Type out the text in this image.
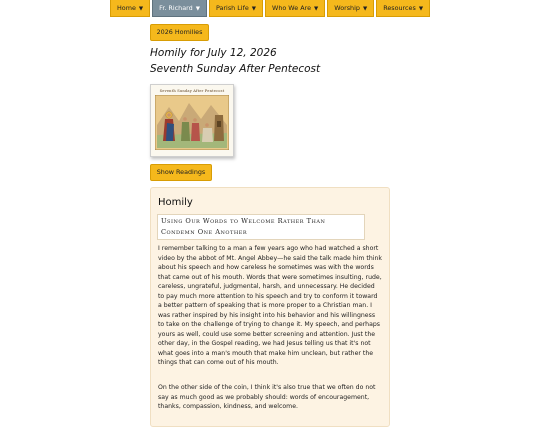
Home ▼	Fr. Richard ▼	Parish Life ▼	Who We Are ▼	Worship ▼	Resources ▼
2026 Homilies
Homily for July 12, 2026
Seventh Sunday After Pentecost
Seventh Sunday After Pentecost
Show Readings
Homily
Using Our Words to Welcome Rather Than Condemn One Another

I remember talking to a man a few years ago who had watched a short video by the abbot of Mt. Angel Abbey—he said the talk made him think about his speech and how careless he sometimes was with the words that came out of his mouth. Words that were sometimes insulting, rude, careless, ungrateful, judgmental, harsh, and unnecessary. He decided to pay much more attention to his speech and try to conform it toward a better pattern of speaking that is more proper to a Christian man. I was rather inspired by his insight into his behavior and his willingness to take on the challenge of trying to change it. My speech, and perhaps yours as well, could use some better screening and attention. Just the other day, in the Gospel reading, we had Jesus telling us that it's not what goes into a man's mouth that make him unclean, but rather the things that can come out of his mouth.

On the other side of the coin, I think it's also true that we often do not say as much good as we probably should: words of encouragement, thanks, compassion, kindness, and welcome.
